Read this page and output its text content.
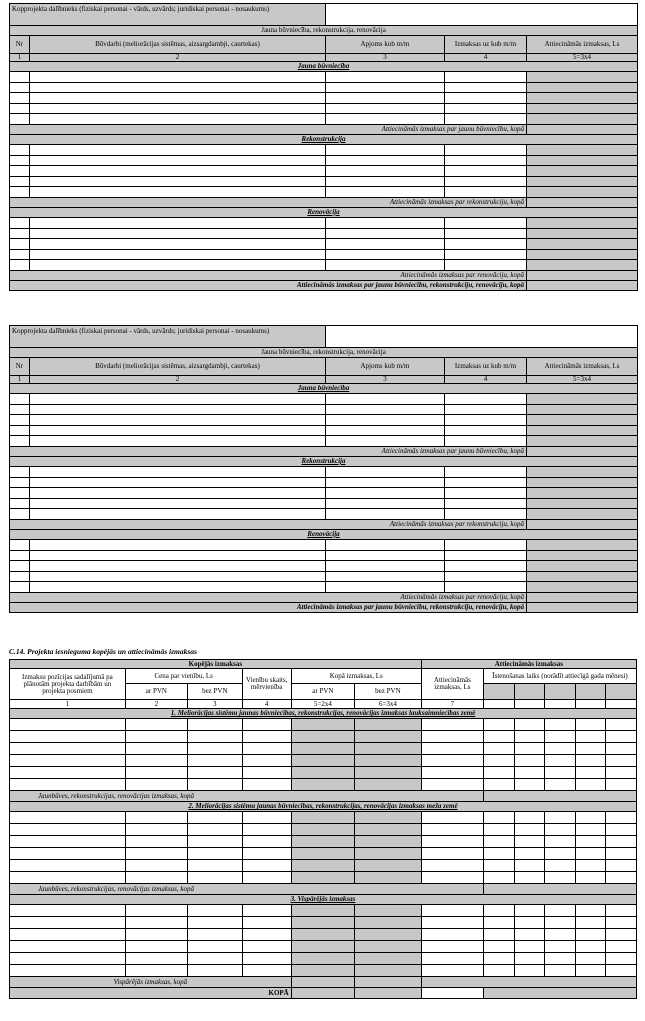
Kopprojekta dalībnieks (fiziskai personai - vārds, uzvārds; juridiskai personai - nosaukums)				
Jauna būvniecība, rekonstrukcija, renovācija				
Nr	Būvdarbi (meliorācijas sistēmas, aizsargdambji, caurtekas)	Apjoms kub m/m	Izmaksas uz kub m/m	Attiecināmās izmaksas, Ls
1	2	3	4	5=3x4
Jauna būvniecība				

Attiecināmās izmaksas par jaunu būvniecību, kopā				
Rekonstrukcija				

Attiecināmās izmaksas par rekonstrukciju, kopā				
Renovācija				

Attiecināmās izmaksas par renovāciju, kopā				
Attiecināmās izmaksas par jaunu būvniecību, rekonstrukciju, renovāciju, kopā				
Kopprojekta dalībnieks (fiziskai personai - vārds, uzvārds; juridiskai personai - nosaukums)				
Jauna būvniecība, rekonstrukcija, renovācija				
Nr	Būvdarbi (meliorācijas sistēmas, aizsargdambji, caurtekas)	Apjoms kub m/m	Izmaksas uz kub m/m	Attiecināmās izmaksas, Ls
1	2	3	4	5=3x4
Jauna būvniecība				

Attiecināmās izmaksas par jaunu būvniecību, kopā				
Rekonstrukcija				

Attiecināmās izmaksas par rekonstrukciju, kopā				
Renovācija				

Attiecināmās izmaksas par renovāciju, kopā				
Attiecināmās izmaksas par jaunu būvniecību, rekonstrukciju, renovāciju, kopā				
C.14. Projekta iesnieguma kopējās un attiecināmās izmaksas
Kopējās izmaksas						Attiecināmās izmaksas					
Izmaksu pozīcijas sadalījumā pa plānotām projekta darbībām un projekta posmiem	Cena par vienību, Ls		Vienību skaits, mērvienība	Kopā izmaksas, Ls		Attiecināmās izmaksas, Ls	Īstenošanas laiks (norādīt attiecīgā gada mēnesi)				
	ar PVN	bez PVN		ar PVN	bez PVN						
1	2	3	4	5=2x4	6=3x4	7					
1. Meliorācijas sistēmu jaunas būvniecības, rekonstrukcijas, renovācijas izmaksas lauksaimniecības zemē											

Jaunbūves, rekonstrukcijas, renovācijas izmaksas, kopā											
2. Meliorācijas sistēmu jaunas būvniecības, rekonstrukcijas, renovācijas izmaksas meža zemē											

Jaunbūves, rekonstrukcijas, renovācijas izmaksas, kopā											
3. Vispārējās izmaksas											

Vispārējās izmaksas, kopā											
KOPĀ											
